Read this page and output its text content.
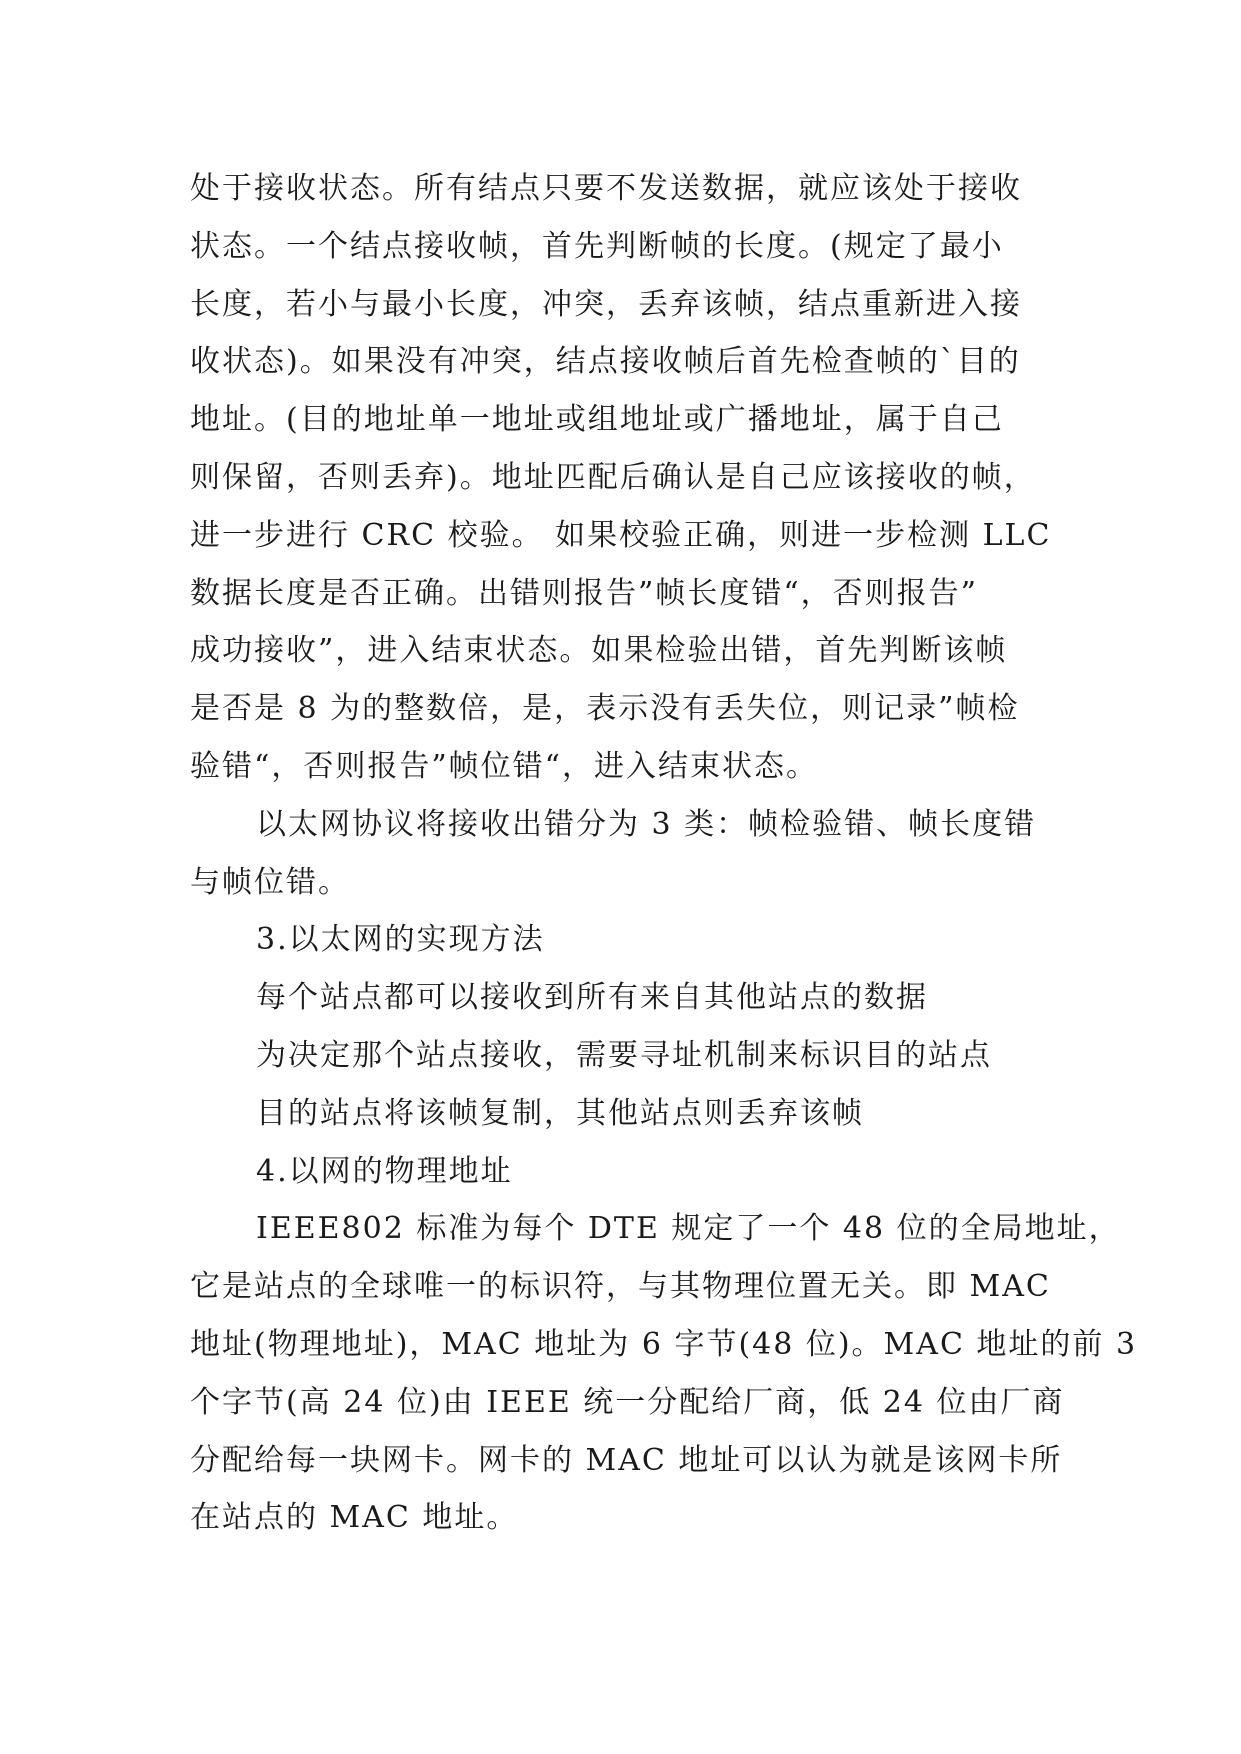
处于接收状态。所有结点只要不发送数据，就应该处于接收
状态。一个结点接收帧，首先判断帧的长度。(规定了最小
长度，若小与最小长度，冲突，丢弃该帧，结点重新进入接
收状态)。如果没有冲突，结点接收帧后首先检查帧的`目的
地址。(目的地址单一地址或组地址或广播地址，属于自己
则保留，否则丢弃)。地址匹配后确认是自己应该接收的帧，
进一步进行 CRC 校验。 如果校验正确，则进一步检测 LLC
数据长度是否正确。出错则报告”帧长度错“，否则报告”
成功接收”，进入结束状态。如果检验出错，首先判断该帧
是否是 8 为的整数倍，是，表示没有丢失位，则记录”帧检
验错“，否则报告”帧位错“，进入结束状态。
以太网协议将接收出错分为 3 类：帧检验错、帧长度错
与帧位错。
3.以太网的实现方法
每个站点都可以接收到所有来自其他站点的数据
为决定那个站点接收，需要寻址机制来标识目的站点
目的站点将该帧复制，其他站点则丢弃该帧
4.以网的物理地址
IEEE802 标准为每个 DTE 规定了一个 48 位的全局地址，
它是站点的全球唯一的标识符，与其物理位置无关。即 MAC
地址(物理地址)，MAC 地址为 6 字节(48 位)。MAC 地址的前 3
个字节(高 24 位)由 IEEE 统一分配给厂商，低 24 位由厂商
分配给每一块网卡。网卡的 MAC 地址可以认为就是该网卡所
在站点的 MAC 地址。
